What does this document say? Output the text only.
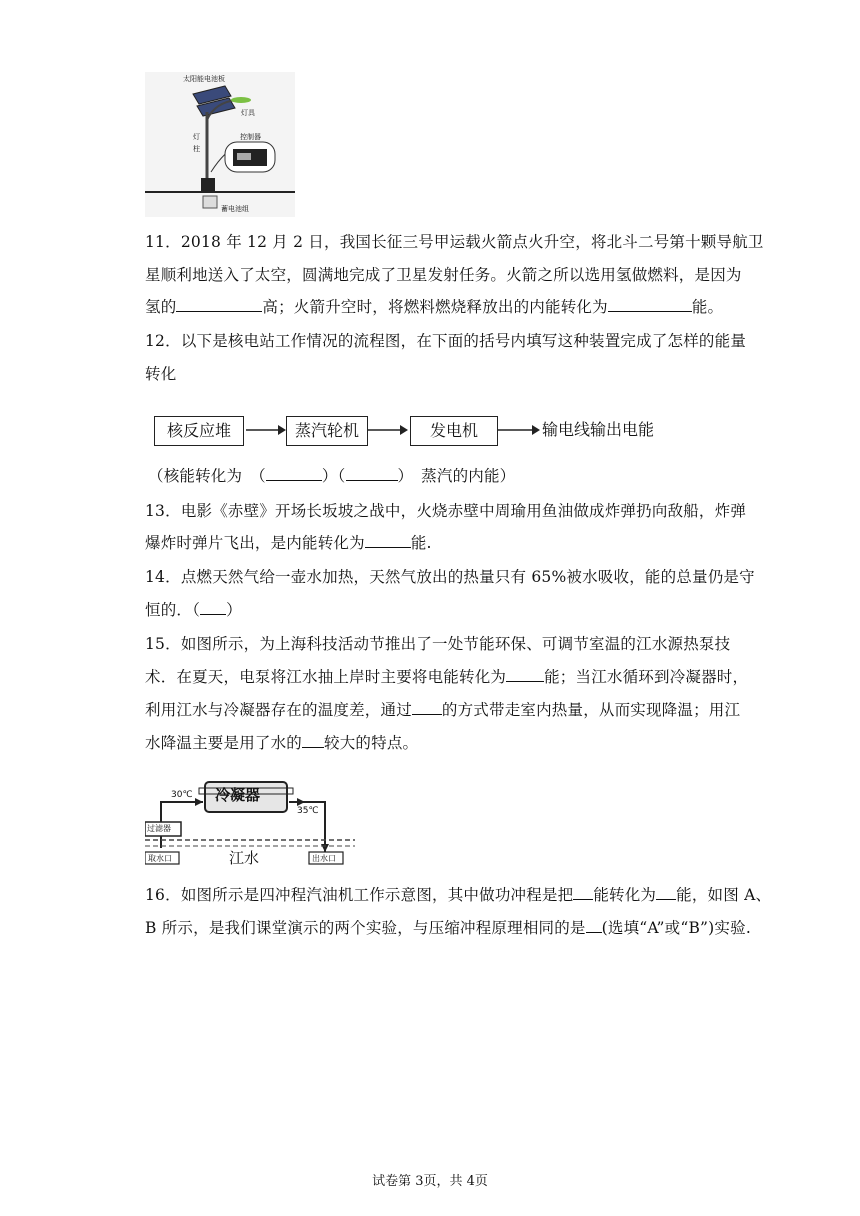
太阳能电池板
灯具
灯
柱
控制器
蓄电池组
11．2018 年 12 月 2 日，我国长征三号甲运载火箭点火升空，将北斗二号第十颗导航卫
星顺利地送入了太空，圆满地完成了卫星发射任务。火箭之所以选用氢做燃料，是因为
氢的	高；火箭升空时，将燃料燃烧释放出的内能转化为	能。
12．以下是核电站工作情况的流程图，在下面的括号内填写这种装置完成了怎样的能量
转化
核反应堆	蒸汽轮机	发电机	输电线输出电能
（核能转化为　（	）（	）　蒸汽的内能）
13．电影《赤壁》开场长坂坡之战中，火烧赤壁中周瑜用鱼油做成炸弹扔向敌船，炸弹
爆炸时弹片飞出，是内能转化为	能.
14．点燃天然气给一壶水加热，天然气放出的热量只有 65%被水吸收，能的总量仍是守
恒的．（ ）
15．如图所示，为上海科技活动节推出了一处节能环保、可调节室温的江水源热泵技
术．在夏天，电泵将江水抽上岸时主要将电能转化为 能；当江水循环到冷凝器时，
利用江水与冷凝器存在的温度差，通过 的方式带走室内热量，从而实现降温；用江
水降温主要是用了水的 较大的特点。
冷凝器
30℃
35℃
过滤器
取水口	江水	出水口
16．如图所示是四冲程汽油机工作示意图，其中做功冲程是把 能转化为 能，如图 A、
B 所示，是我们课堂演示的两个实验，与压缩冲程原理相同的是 (选填“A”或“B”)实验.
试卷第 3页，共 4页
